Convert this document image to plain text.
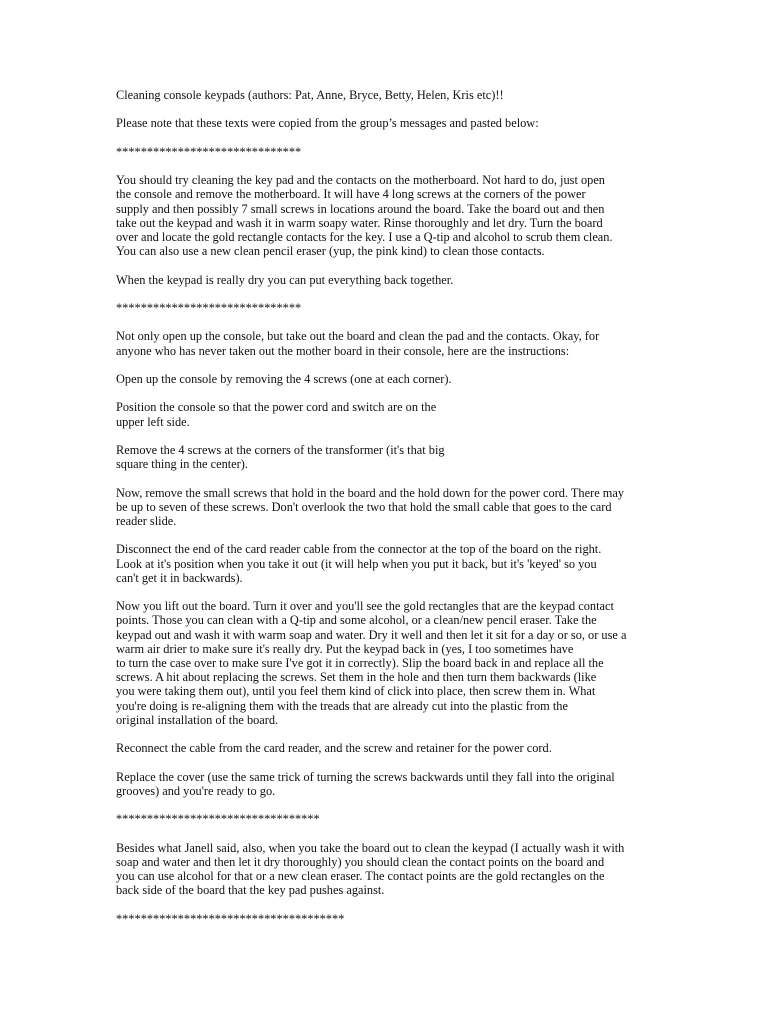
Cleaning console keypads (authors: Pat, Anne, Bryce, Betty, Helen, Kris etc)!!

Please note that these texts were copied from the group’s messages and pasted below:

******************************

You should try cleaning the key pad and the contacts on the motherboard. Not hard to do, just open
the console and remove the motherboard. It will have 4 long screws at the corners of the power
supply and then possibly 7 small screws in locations around the board. Take the board out and then
take out the keypad and wash it in warm soapy water. Rinse thoroughly and let dry. Turn the board
over and locate the gold rectangle contacts for the key. I use a Q-tip and alcohol to scrub them clean.
You can also use a new clean pencil eraser (yup, the pink kind) to clean those contacts.

When the keypad is really dry you can put everything back together.

******************************

Not only open up the console, but take out the board and clean the pad and the contacts. Okay, for
anyone who has never taken out the mother board in their console, here are the instructions:

Open up the console by removing the 4 screws (one at each corner).

Position the console so that the power cord and switch are on the
upper left side.

Remove the 4 screws at the corners of the transformer (it's that big
square thing in the center).

Now, remove the small screws that hold in the board and the hold down for the power cord. There may
be up to seven of these screws. Don't overlook the two that hold the small cable that goes to the card
reader slide.

Disconnect the end of the card reader cable from the connector at the top of the board on the right.
Look at it's position when you take it out (it will help when you put it back, but it's 'keyed' so you
can't get it in backwards).

Now you lift out the board. Turn it over and you'll see the gold rectangles that are the keypad contact
points. Those you can clean with a Q-tip and some alcohol, or a clean/new pencil eraser. Take the
keypad out and wash it with warm soap and water. Dry it well and then let it sit for a day or so, or use a
warm air drier to make sure it's really dry. Put the keypad back in (yes, I too sometimes have
to turn the case over to make sure I've got it in correctly). Slip the board back in and replace all the
screws. A hit about replacing the screws. Set them in the hole and then turn them backwards (like
you were taking them out), until you feel them kind of click into place, then screw them in. What
you're doing is re-aligning them with the treads that are already cut into the plastic from the
original installation of the board.

Reconnect the cable from the card reader, and the screw and retainer for the power cord.

Replace the cover (use the same trick of turning the screws backwards until they fall into the original
grooves) and you're ready to go.

*********************************

Besides what Janell said, also, when you take the board out to clean the keypad (I actually wash it with
soap and water and then let it dry thoroughly) you should clean the contact points on the board and
you can use alcohol for that or a new clean eraser. The contact points are the gold rectangles on the
back side of the board that the key pad pushes against.

*************************************
